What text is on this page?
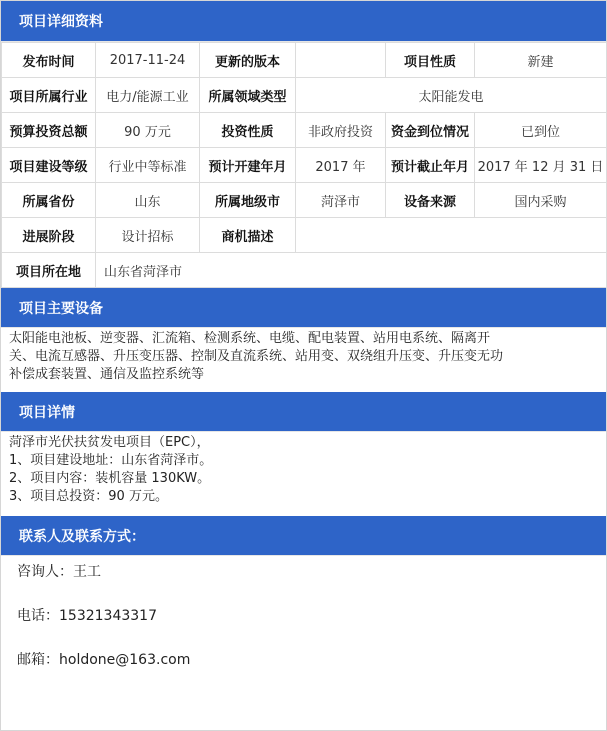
项目详细资料
发布时间	2017-11-24	更新的版本		项目性质	新建
项目所属行业	电力/能源工业	所属领域类型	太阳能发电		
预算投资总额	90 万元	投资性质	非政府投资	资金到位情况	已到位
项目建设等级	行业中等标准	预计开建年月	2017 年	预计截止年月	2017 年 12 月 31 日
所属省份	山东	所属地级市	菏泽市	设备来源	国内采购
进展阶段	设计招标	商机描述			
项目所在地	山东省菏泽市				
项目主要设备
太阳能电池板、逆变器、汇流箱、检测系统、电缆、配电装置、站用电系统、隔离开
关、电流互感器、升压变压器、控制及直流系统、站用变、双绕组升压变、升压变无功
补偿成套装置、通信及监控系统等
项目详情
菏泽市光伏扶贫发电项目（EPC），
1、项目建设地址：山东省菏泽市。
2、项目内容：装机容量 130KW。
3、项目总投资：90 万元。
联系人及联系方式：

咨询人：王工

电话：15321343317

邮箱：holdone@163.com
